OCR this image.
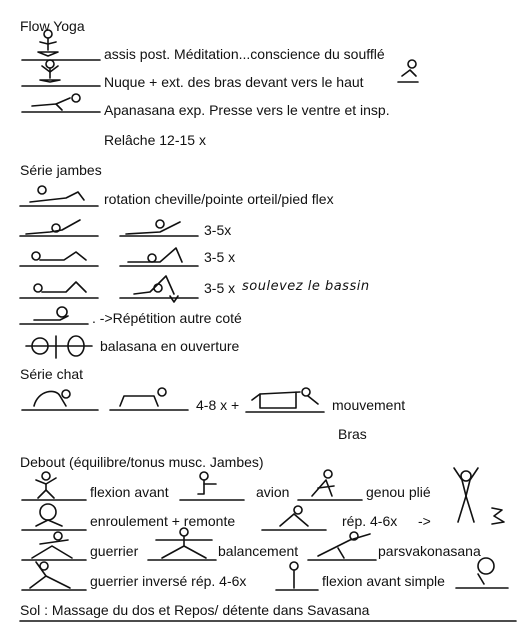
Flow Yoga
assis post. Méditation...conscience du soufflé
Nuque + ext. des bras devant vers le haut
Apanasana exp. Presse vers le ventre et insp.
Relâche 12-15 x
Série jambes
rotation cheville/pointe orteil/pied flex
3-5x
3-5 x
3-5 x soulevez le bassin
. ->Répétition autre coté
balasana en ouverture
Série chat
4-8 x +	mouvement
Bras
Debout (équilibre/tonus musc. Jambes)
flexion avant	avion	genou plié
enroulement + remonte	rép. 4-6x ->
guerrier	balancement	parsvakonasana
guerrier inversé rép. 4-6x	flexion avant simple
Sol : Massage du dos et Repos/ détente dans Savasana
